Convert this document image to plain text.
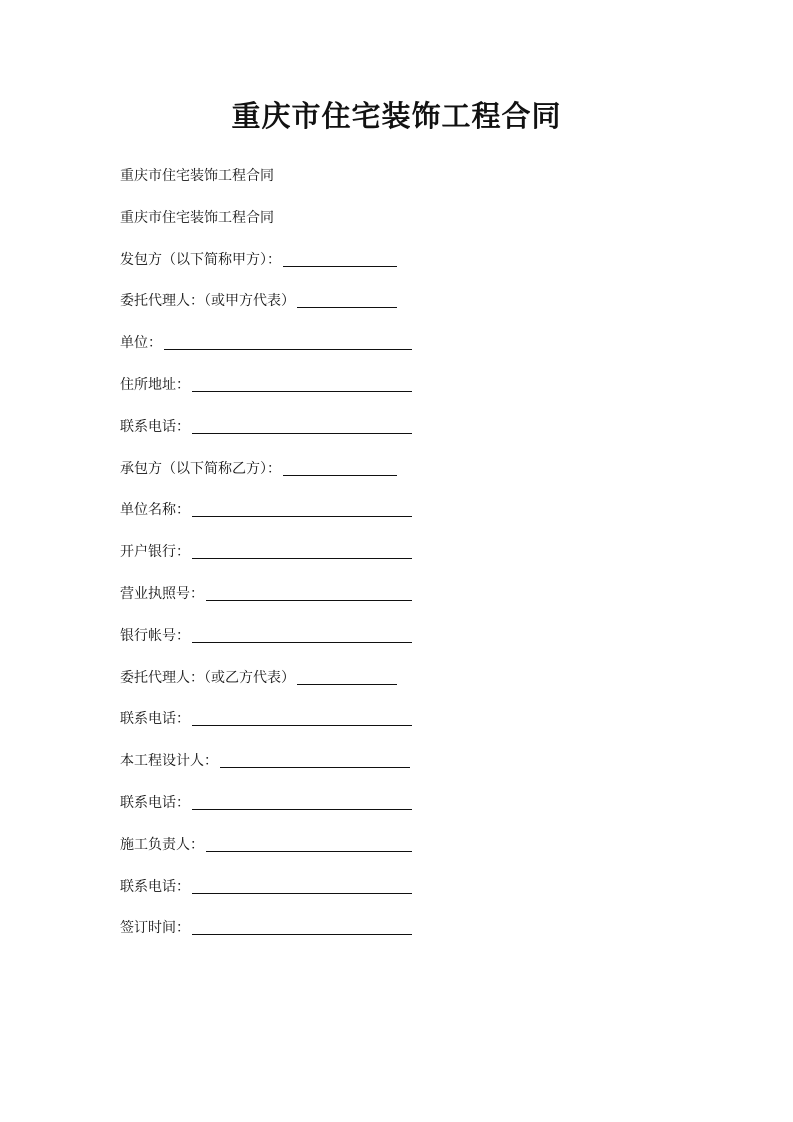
重庆市住宅装饰工程合同
重庆市住宅装饰工程合同
重庆市住宅装饰工程合同
发包方（以下简称甲方）：
委托代理人：（或甲方代表）
单位：
住所地址：
联系电话：
承包方（以下简称乙方）：
单位名称：
开户银行：
营业执照号：
银行帐号：
委托代理人：（或乙方代表）
联系电话：
本工程设计人：
联系电话：
施工负责人：
联系电话：
签订时间：
